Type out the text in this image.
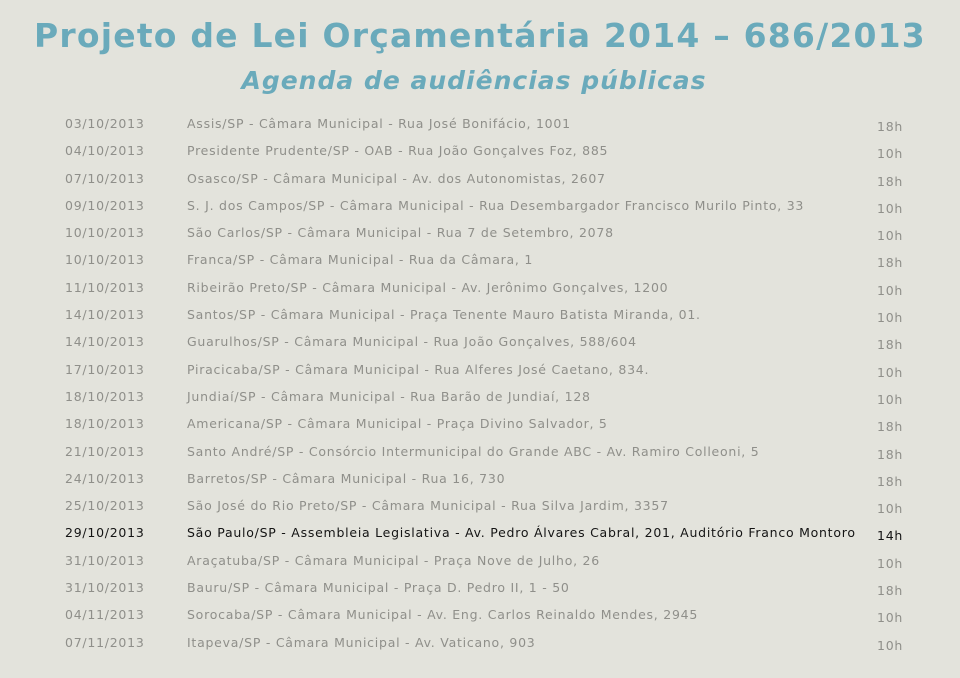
Projeto de Lei Orçamentária 2014 – 686/2013
Agenda de audiências públicas
03/10/2013	Assis/SP - Câmara Municipal - Rua José Bonifácio, 1001	18h
04/10/2013	Presidente Prudente/SP - OAB - Rua João Gonçalves Foz, 885	10h
07/10/2013	Osasco/SP - Câmara Municipal - Av. dos Autonomistas, 2607	18h
09/10/2013	S. J. dos Campos/SP - Câmara Municipal - Rua Desembargador Francisco Murilo Pinto, 33	10h
10/10/2013	São Carlos/SP - Câmara Municipal - Rua 7 de Setembro, 2078	10h
10/10/2013	Franca/SP - Câmara Municipal - Rua da Câmara, 1	18h
11/10/2013	Ribeirão Preto/SP - Câmara Municipal - Av. Jerônimo Gonçalves, 1200	10h
14/10/2013	Santos/SP - Câmara Municipal - Praça Tenente Mauro Batista Miranda, 01.	10h
14/10/2013	Guarulhos/SP - Câmara Municipal - Rua João Gonçalves, 588/604	18h
17/10/2013	Piracicaba/SP - Câmara Municipal - Rua Alferes José Caetano, 834.	10h
18/10/2013	Jundiaí/SP - Câmara Municipal - Rua Barão de Jundiaí, 128	10h
18/10/2013	Americana/SP - Câmara Municipal - Praça Divino Salvador, 5	18h
21/10/2013	Santo André/SP - Consórcio Intermunicipal do Grande ABC - Av. Ramiro Colleoni, 5	18h
24/10/2013	Barretos/SP - Câmara Municipal - Rua 16, 730	18h
25/10/2013	São José do Rio Preto/SP - Câmara Municipal - Rua Silva Jardim, 3357	10h
29/10/2013	São Paulo/SP - Assembleia Legislativa - Av. Pedro Álvares Cabral, 201, Auditório Franco Montoro 14h
31/10/2013	Araçatuba/SP - Câmara Municipal - Praça Nove de Julho, 26	10h
31/10/2013	Bauru/SP - Câmara Municipal - Praça D. Pedro II, 1 - 50	18h
04/11/2013	Sorocaba/SP - Câmara Municipal - Av. Eng. Carlos Reinaldo Mendes, 2945	10h
07/11/2013	Itapeva/SP - Câmara Municipal - Av. Vaticano, 903	10h
